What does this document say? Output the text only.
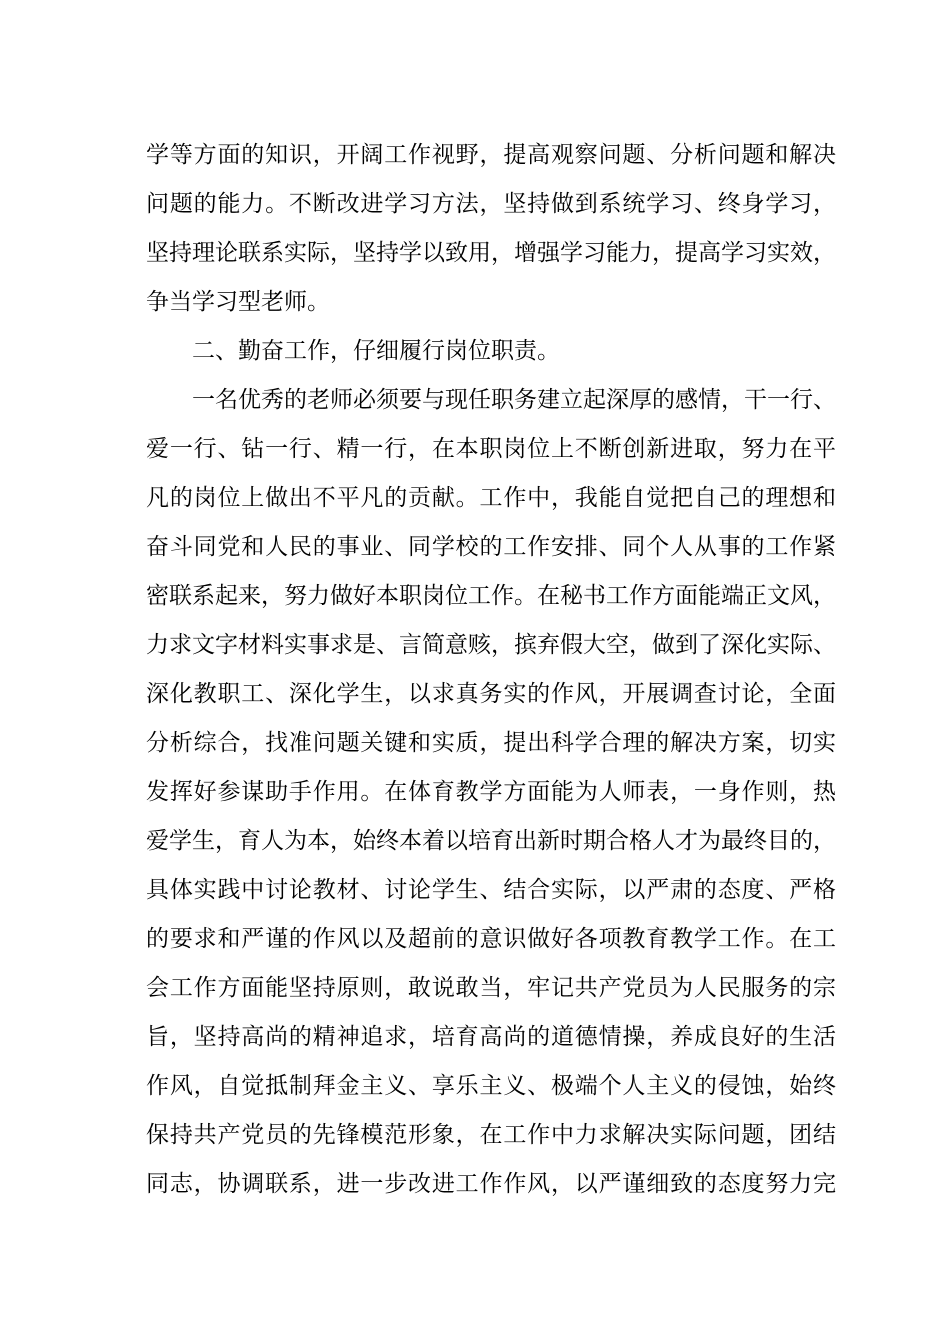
学等方面的知识，开阔工作视野，提高观察问题、分析问题和解决
问题的能力。不断改进学习方法，坚持做到系统学习、终身学习，
坚持理论联系实际，坚持学以致用，增强学习能力，提高学习实效，
争当学习型老师。
二、勤奋工作，仔细履行岗位职责。
一名优秀的老师必须要与现任职务建立起深厚的感情，干一行、
爱一行、钻一行、精一行，在本职岗位上不断创新进取，努力在平
凡的岗位上做出不平凡的贡献。工作中，我能自觉把自己的理想和
奋斗同党和人民的事业、同学校的工作安排、同个人从事的工作紧
密联系起来，努力做好本职岗位工作。在秘书工作方面能端正文风，
力求文字材料实事求是、言简意赅，摈弃假大空，做到了深化实际、
深化教职工、深化学生，以求真务实的作风，开展调查讨论，全面
分析综合，找准问题关键和实质，提出科学合理的解决方案，切实
发挥好参谋助手作用。在体育教学方面能为人师表，一身作则，热
爱学生，育人为本，始终本着以培育出新时期合格人才为最终目的，
具体实践中讨论教材、讨论学生、结合实际，以严肃的态度、严格
的要求和严谨的作风以及超前的意识做好各项教育教学工作。在工
会工作方面能坚持原则，敢说敢当，牢记共产党员为人民服务的宗
旨，坚持高尚的精神追求，培育高尚的道德情操，养成良好的生活
作风，自觉抵制拜金主义、享乐主义、极端个人主义的侵蚀，始终
保持共产党员的先锋模范形象，在工作中力求解决实际问题，团结
同志，协调联系，进一步改进工作作风，以严谨细致的态度努力完
